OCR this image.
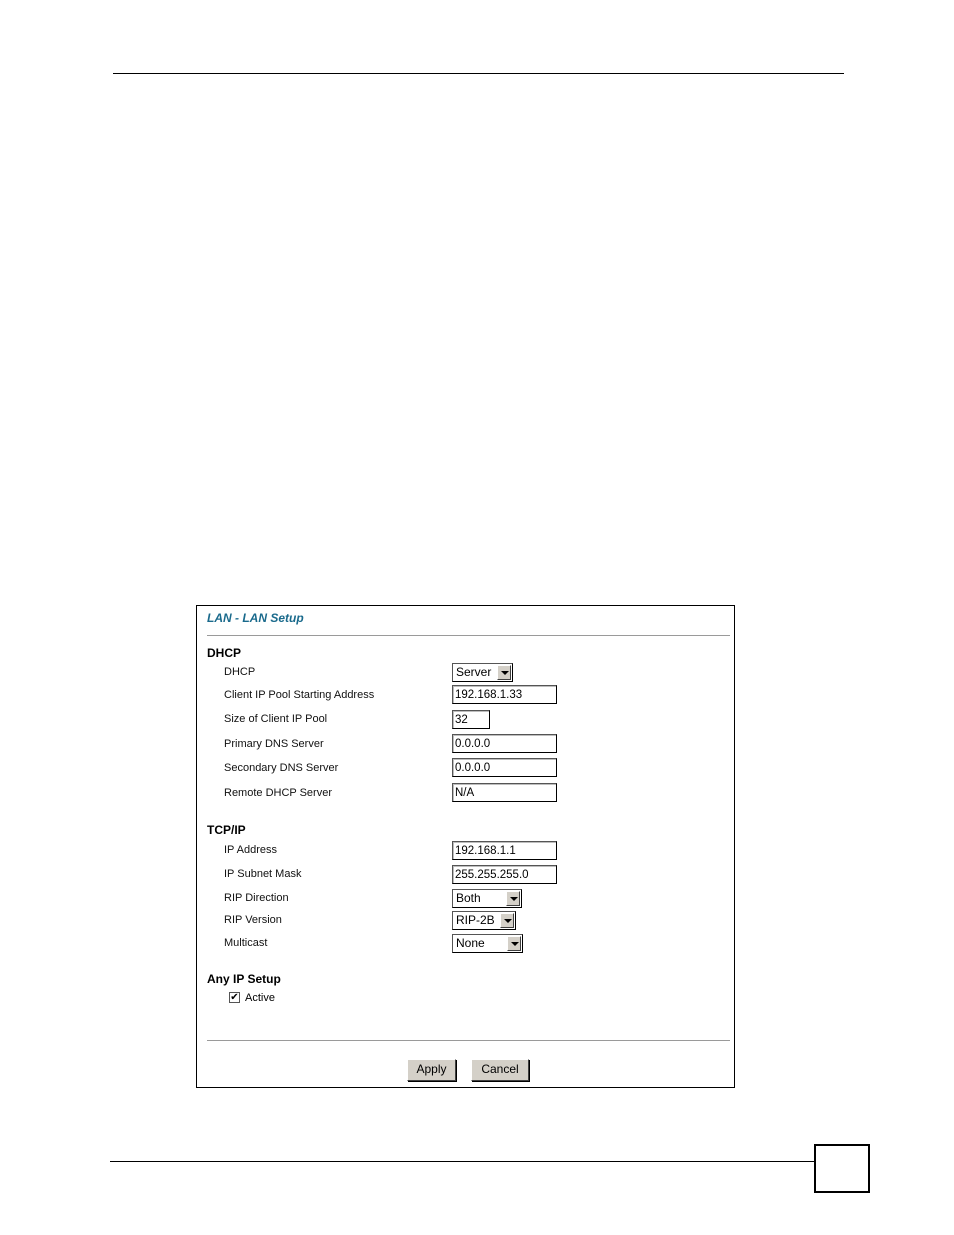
LAN - LAN Setup
DHCP
DHCP	Server
Client IP Pool Starting Address	192.168.1.33
Size of Client IP Pool	32
Primary DNS Server	0.0.0.0
Secondary DNS Server	0.0.0.0
Remote DHCP Server	N/A
TCP/IP
IP Address	192.168.1.1
IP Subnet Mask	255.255.255.0
RIP Direction	Both
RIP Version	RIP-2B
Multicast	None
Any IP Setup
✔ Active
Apply	Cancel
